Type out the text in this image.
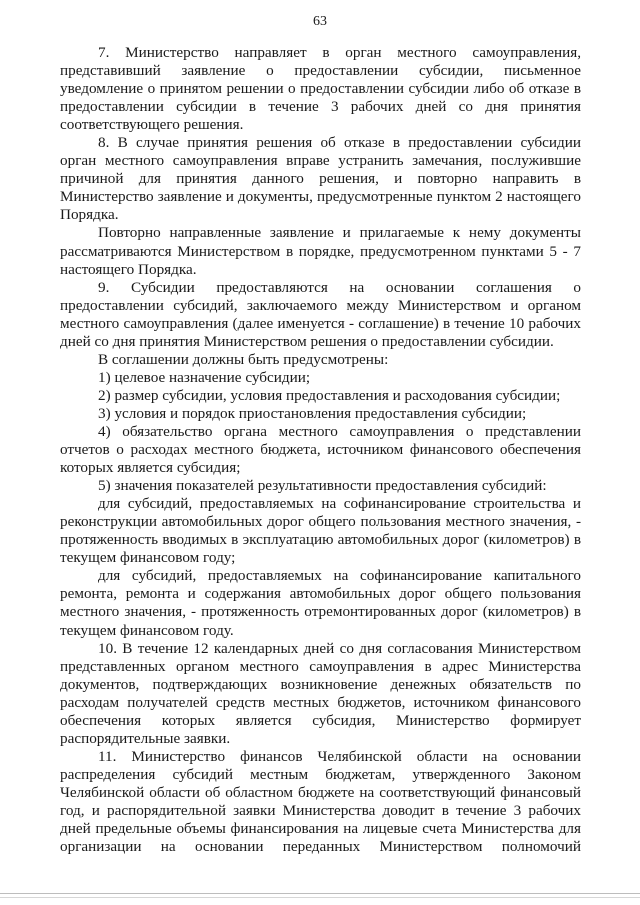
63

7. Министерство направляет в орган местного самоуправления, представивший заявление о предоставлении субсидии, письменное уведомление о принятом решении о предоставлении субсидии либо об отказе в предоставлении субсидии в течение 3 рабочих дней со дня принятия соответствующего решения.

8. В случае принятия решения об отказе в предоставлении субсидии орган местного самоуправления вправе устранить замечания, послужившие причиной для принятия данного решения, и повторно направить в Министерство заявление и документы, предусмотренные пунктом 2 настоящего Порядка.

Повторно направленные заявление и прилагаемые к нему документы рассматриваются Министерством в порядке, предусмотренном пунктами 5 - 7 настоящего Порядка.

9. Субсидии предоставляются на основании соглашения о предоставлении субсидий, заключаемого между Министерством и органом местного самоуправления (далее именуется - соглашение) в течение 10 рабочих дней со дня принятия Министерством решения о предоставлении субсидии.

В соглашении должны быть предусмотрены:

1) целевое назначение субсидии;

2) размер субсидии, условия предоставления и расходования субсидии;

3) условия и порядок приостановления предоставления субсидии;

4) обязательство органа местного самоуправления о представлении отчетов о расходах местного бюджета, источником финансового обеспечения которых является субсидия;

5) значения показателей результативности предоставления субсидий:

для субсидий, предоставляемых на софинансирование строительства и реконструкции автомобильных дорог общего пользования местного значения, - протяженность вводимых в эксплуатацию автомобильных дорог (километров) в текущем финансовом году;

для субсидий, предоставляемых на софинансирование капитального ремонта, ремонта и содержания автомобильных дорог общего пользования местного значения, - протяженность отремонтированных дорог (километров) в текущем финансовом году.

10. В течение 12 календарных дней со дня согласования Министерством представленных органом местного самоуправления в адрес Министерства документов, подтверждающих возникновение денежных обязательств по расходам получателей средств местных бюджетов, источником финансового обеспечения которых является субсидия, Министерство формирует распорядительные заявки.

11. Министерство финансов Челябинской области на основании распределения субсидий местным бюджетам, утвержденного Законом Челябинской области об областном бюджете на соответствующий финансовый год, и распорядительной заявки Министерства доводит в течение 3 рабочих дней предельные объемы финансирования на лицевые счета Министерства для организации на основании переданных Министерством полномочий
